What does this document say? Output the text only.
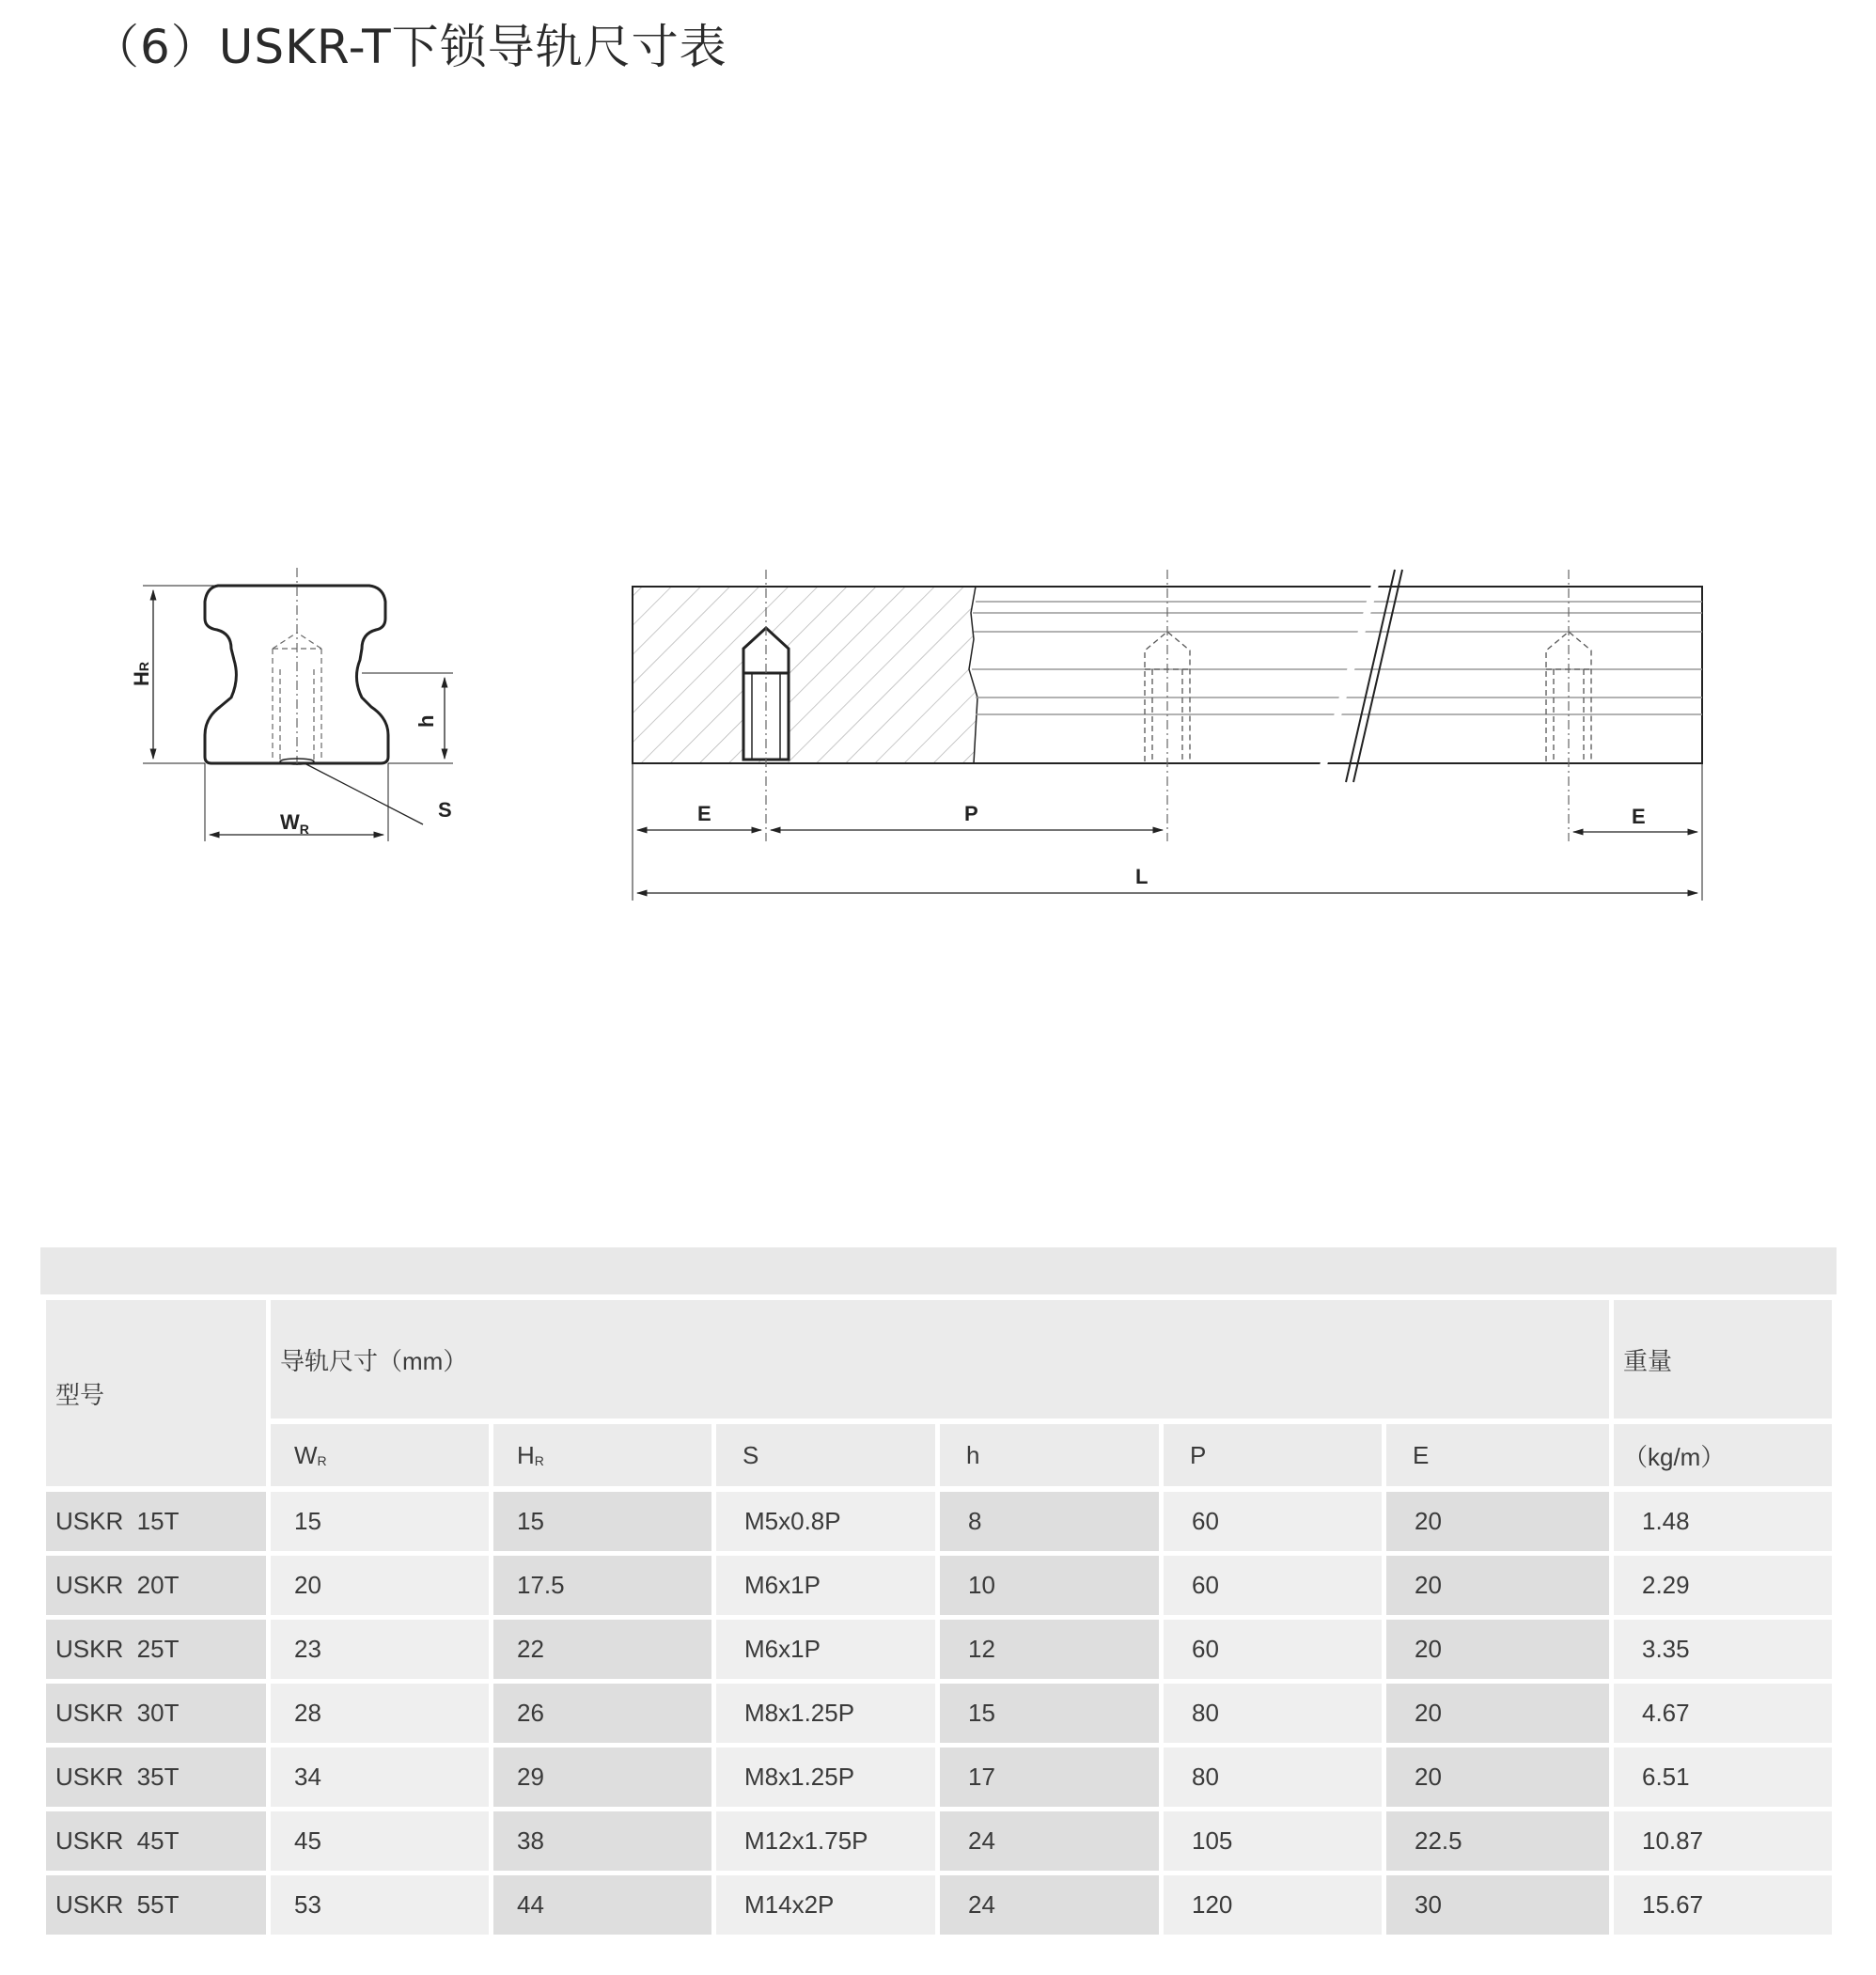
（6）USKR-T下锁导轨尺寸表
HR
h
$W_R$
S	E	P	E
L
型号
导轨尺寸（mm）	重量
W R	H R	S	h	P	E	（kg/m）
USKR  15T	15	15	M5x0.8P	8	60	20	1.48
USKR  20T	20	17.5	M6x1P	10	60	20	2.29
USKR  25T	23	22	M6x1P	12	60	20	3.35
USKR  30T	28	26	M8x1.25P	15	80	20	4.67
USKR  35T	34	29	M8x1.25P	17	80	20	6.51
USKR  45T	45	38	M12x1.75P	24	105	22.5	10.87
USKR  55T	53	44	M14x2P	24	120	30	15.67
